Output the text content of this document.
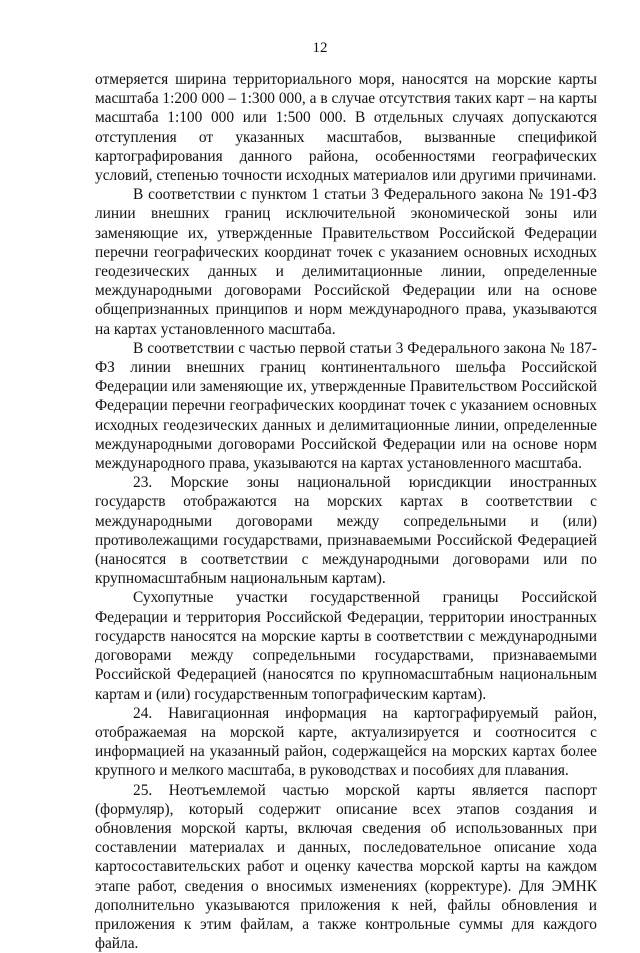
12

отмеряется ширина территориального моря, наносятся на морские карты масштаба 1:200 000 – 1:300 000, а в случае отсутствия таких карт – на карты масштаба 1:100 000 или 1:500 000. В отдельных случаях допускаются отступления от указанных масштабов, вызванные спецификой картографирования данного района, особенностями географических условий, степенью точности исходных материалов или другими причинами.

В соответствии с пунктом 1 статьи 3 Федерального закона № 191-ФЗ линии внешних границ исключительной экономической зоны или заменяющие их, утвержденные Правительством Российской Федерации перечни географических координат точек с указанием основных исходных геодезических данных и делимитационные линии, определенные международными договорами Российской Федерации или на основе общепризнанных принципов и норм международного права, указываются на картах установленного масштаба.

В соответствии с частью первой статьи 3 Федерального закона № 187-ФЗ линии внешних границ континентального шельфа Российской Федерации или заменяющие их, утвержденные Правительством Российской Федерации перечни географических координат точек с указанием основных исходных геодезических данных и делимитационные линии, определенные международными договорами Российской Федерации или на основе норм международного права, указываются на картах установленного масштаба.

23. Морские зоны национальной юрисдикции иностранных государств отображаются на морских картах в соответствии с международными договорами между сопредельными и (или) противолежащими государствами, признаваемыми Российской Федерацией (наносятся в соответствии с международными договорами или по крупномасштабным национальным картам).

Сухопутные участки государственной границы Российской Федерации и территория Российской Федерации, территории иностранных государств наносятся на морские карты в соответствии с международными договорами между сопредельными государствами, признаваемыми Российской Федерацией (наносятся по крупномасштабным национальным картам и (или) государственным топографическим картам).

24. Навигационная информация на картографируемый район, отображаемая на морской карте, актуализируется и соотносится с информацией на указанный район, содержащейся на морских картах более крупного и мелкого масштаба, в руководствах и пособиях для плавания.

25. Неотъемлемой частью морской карты является паспорт (формуляр), который содержит описание всех этапов создания и обновления морской карты, включая сведения об использованных при составлении материалах и данных, последовательное описание хода картосоставительских работ и оценку качества морской карты на каждом этапе работ, сведения о вносимых изменениях (корректуре). Для ЭМНК дополнительно указываются приложения к ней, файлы обновления и приложения к этим файлам, а также контрольные суммы для каждого файла.
